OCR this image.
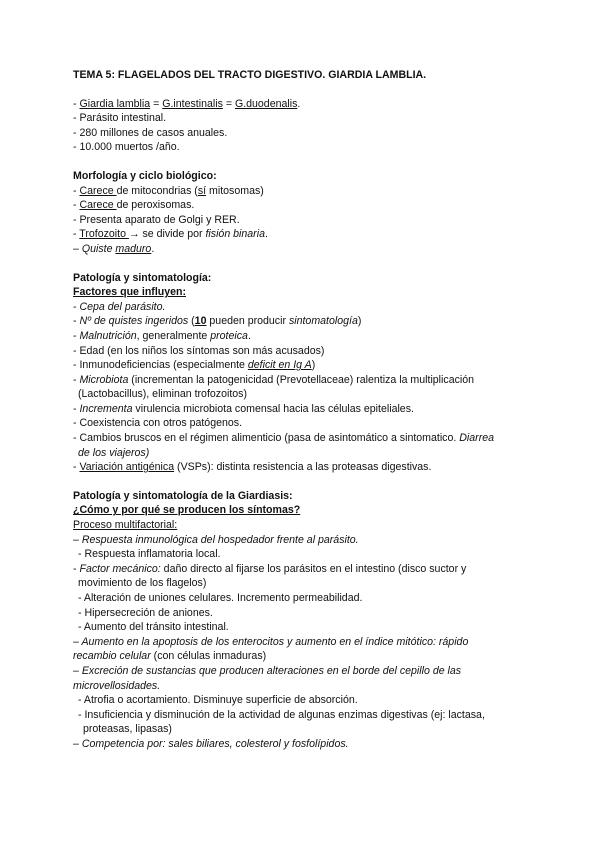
TEMA 5: FLAGELADOS DEL TRACTO DIGESTIVO. GIARDIA LAMBLIA.
- Giardia lamblia = G.intestinalis = G.duodenalis.
- Parásito intestinal.
- 280 millones de casos anuales.
- 10.000 muertos /año.
Morfología y ciclo biológico:
- Carece de mitocondrias (sí mitosomas)
- Carece de peroxisomas.
- Presenta aparato de Golgi y RER.
- Trofozoito → se divide por fisión binaria.
– Quiste maduro.
Patología y sintomatología:
Factores que influyen:
- Cepa del parásito.
- Nº de quistes ingeridos (10 pueden producir sintomatología)
- Malnutrición, generalmente proteica.
- Edad (en los niños los síntomas son más acusados)
- Inmunodeficiencias (especialmente deficit en Ig A)
- Microbiota (incrementan la patogenicidad (Prevotellaceae) ralentiza la multiplicación
(Lactobacillus), eliminan trofozoitos)
- Incrementa virulencia microbiota comensal hacia las células epiteliales.
- Coexistencia con otros patógenos.
- Cambios bruscos en el régimen alimenticio (pasa de asintomático a sintomatico. Diarrea
de los viajeros)
- Variación antigénica (VSPs): distinta resistencia a las proteasas digestivas.
Patología y sintomatología de la Giardiasis:
¿Cómo y por qué se producen los síntomas?
Proceso multifactorial:
– Respuesta inmunológica del hospedador frente al parásito.
- Respuesta inflamatoria local.
- Factor mecánico: daño directo al fijarse los parásitos en el intestino (disco suctor y
movimiento de los flagelos)
- Alteración de uniones celulares. Incremento permeabilidad.
- Hipersecreción de aniones.
- Aumento del tránsito intestinal.
– Aumento en la apoptosis de los enterocitos y aumento en el índice mitótico: rápido
recambio celular (con células inmaduras)
– Excreción de sustancias que producen alteraciones en el borde del cepillo de las
microvellosidades.
- Atrofia o acortamiento. Disminuye superficie de absorción.
- Insuficiencia y disminución de la actividad de algunas enzimas digestivas (ej: lactasa,
proteasas, lipasas)
– Competencia por: sales biliares, colesterol y fosfolípidos.
